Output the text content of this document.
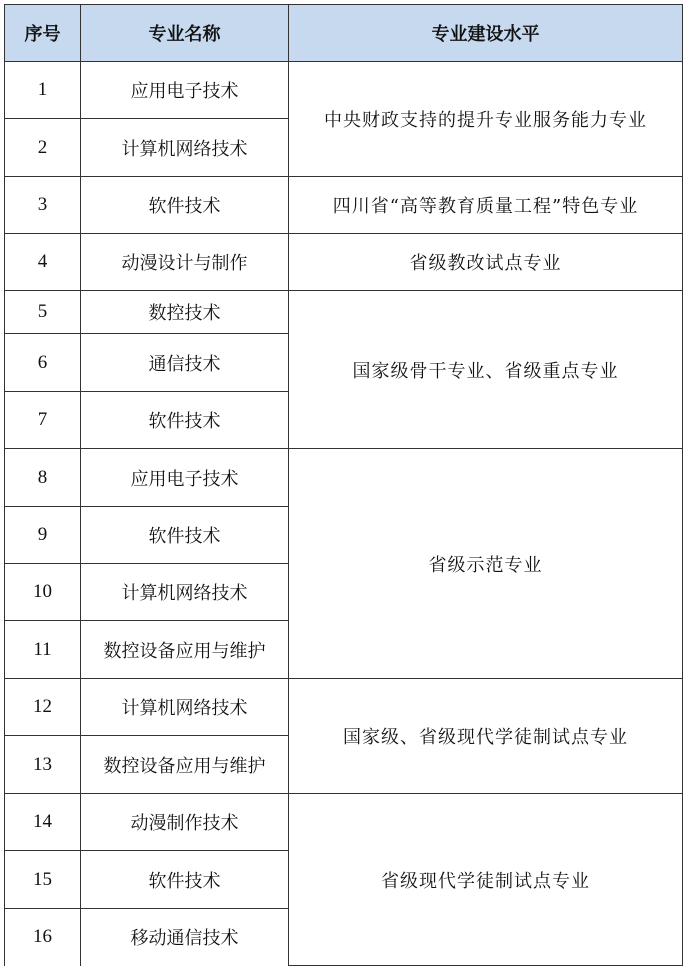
序号	专业名称	专业建设水平
1	应用电子技术	中央财政支持的提升专业服务能力专业
2	计算机网络技术	
3	软件技术	四川省“高等教育质量工程”特色专业
4	动漫设计与制作	省级教改试点专业
5	数控技术	国家级骨干专业、省级重点专业
6	通信技术	
7	软件技术	
8	应用电子技术	省级示范专业
9	软件技术	
10	计算机网络技术	
11	数控设备应用与维护	
12	计算机网络技术	国家级、省级现代学徒制试点专业
13	数控设备应用与维护	
14	动漫制作技术	省级现代学徒制试点专业
15	软件技术	
16	移动通信技术	
